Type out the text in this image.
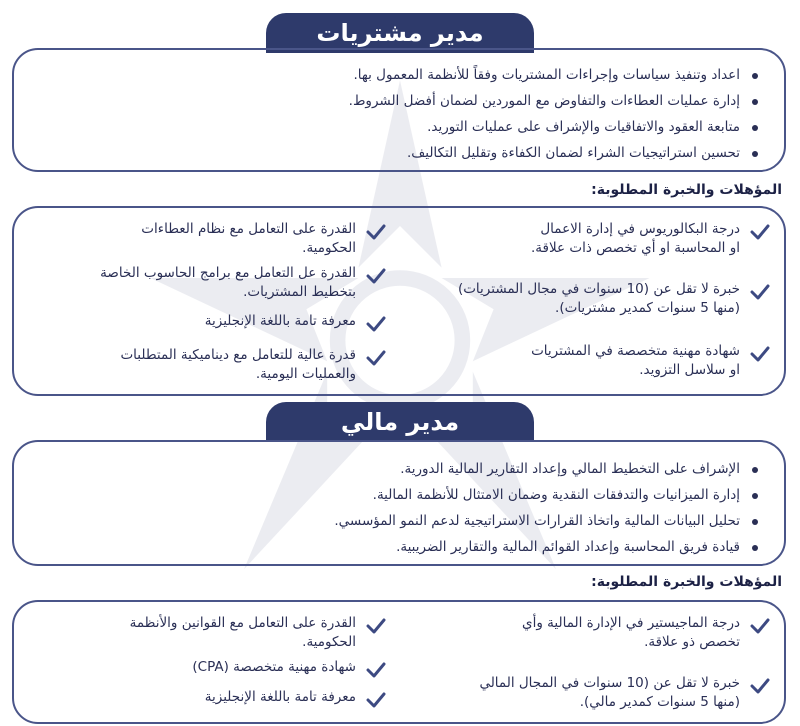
مدير مشتريات
اعداد وتنفيذ سياسات وإجراءات المشتريات وفقاً للأنظمة المعمول بها.
إدارة عمليات العطاءات والتفاوض مع الموردين لضمان أفضل الشروط.
متابعة العقود والاتفاقيات والإشراف على عمليات التوريد.
تحسين استراتيجيات الشراء لضمان الكفاءة وتقليل التكاليف.
المؤهلات والخبرة المطلوبة:
درجة البكالوريوس في إدارة الاعمال
او المحاسبة او أي تخصص ذات علاقة.
خبرة لا تقل عن (10 سنوات في مجال المشتريات)
(منها 5 سنوات كمدير مشتريات).
شهادة مهنية متخصصة في المشتريات
او سلاسل التزويد.
القدرة على التعامل مع نظام العطاءات
الحكومية.
القدرة عل التعامل مع برامج الحاسوب الخاصة
بتخطيط المشتريات.
معرفة تامة باللغة الإنجليزية
قدرة عالية للتعامل مع ديناميكية المتطلبات
والعمليات اليومية.
مدير مالي
الإشراف على التخطيط المالي وإعداد التقارير المالية الدورية.
إدارة الميزانيات والتدفقات النقدية وضمان الامتثال للأنظمة المالية.
تحليل البيانات المالية واتخاذ القرارات الاستراتيجية لدعم النمو المؤسسي.
قيادة فريق المحاسبة وإعداد القوائم المالية والتقارير الضريبية.
المؤهلات والخبرة المطلوبة:
درجة الماجيستير في الإدارة المالية وأي
تخصص ذو علاقة.
خبرة لا تقل عن (10 سنوات في المجال المالي
(منها 5 سنوات كمدير مالي).
القدرة على التعامل مع القوانين والأنظمة
الحكومية.
شهادة مهنية متخصصة (CPA)
معرفة تامة باللغة الإنجليزية
